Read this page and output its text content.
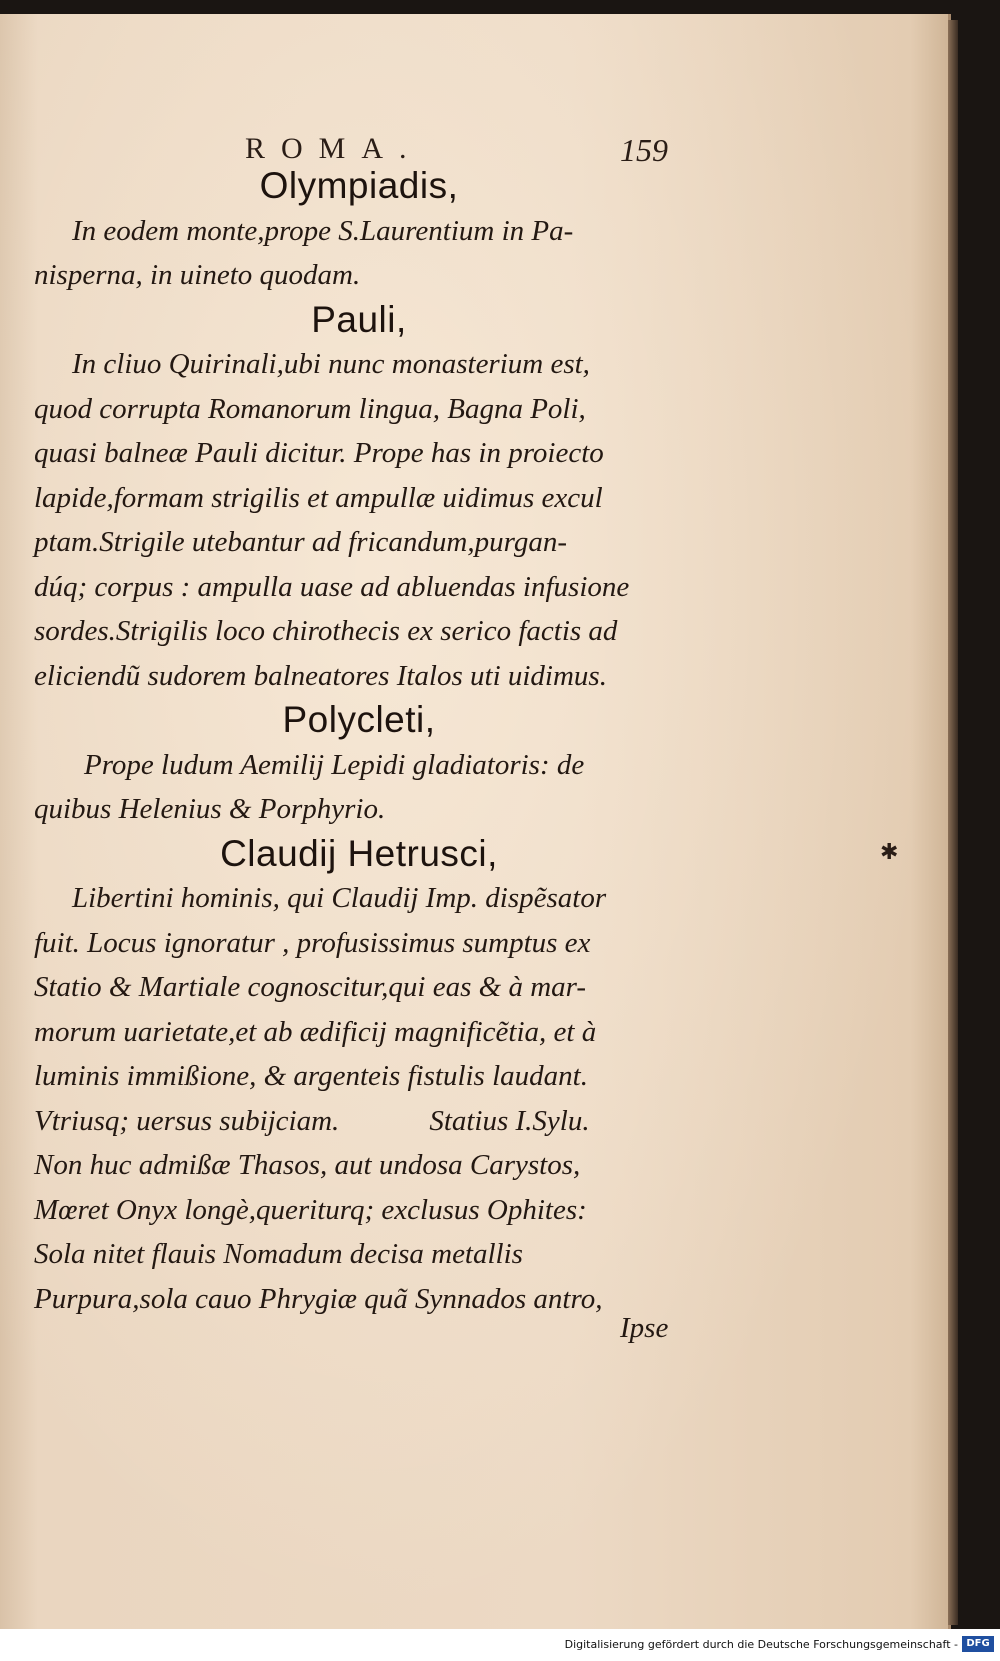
ROMA.	159
Olympiadis,
In eodem monte,prope S.Laurentium in Pa-
nisperna, in uineto quodam.
Pauli,
In cliuo Quirinali,ubi nunc monasterium est,
quod corrupta Romanorum lingua, Bagna Poli,
quasi balneæ Pauli dicitur. Prope has in proiecto
lapide,formam strigilis et ampullæ uidimus excul
ptam.Strigile utebantur ad fricandum,purgan-
dúq; corpus : ampulla uase ad abluendas infusione
sordes.Strigilis loco chirothecis ex serico factis ad
eliciendũ sudorem balneatores Italos uti uidimus.
Polycleti,
Prope ludum Aemilij Lepidi gladiatoris: de
quibus Helenius & Porphyrio.
Claudij Hetrusci,
Libertini hominis, qui Claudij Imp. dispẽsator
fuit. Locus ignoratur , profusissimus sumptus ex
Statio & Martiale cognoscitur,qui eas & à mar-
morum uarietate,et ab ædificij magnificẽtia, et à
luminis immißione, & argenteis fistulis laudant.
Vtriusq; uersus subijciam.	Statius I.Sylu.
Non huc admißæ Thasos, aut undosa Carystos,
Mœret Onyx longè,queriturq; exclusus Ophites:
Sola nitet flauis Nomadum decisa metallis
Purpura,sola cauo Phrygiæ quã Synnados antro,
Ipse
✱
Digitalisierung gefördert durch die Deutsche Forschungsgemeinschaft - DFG
